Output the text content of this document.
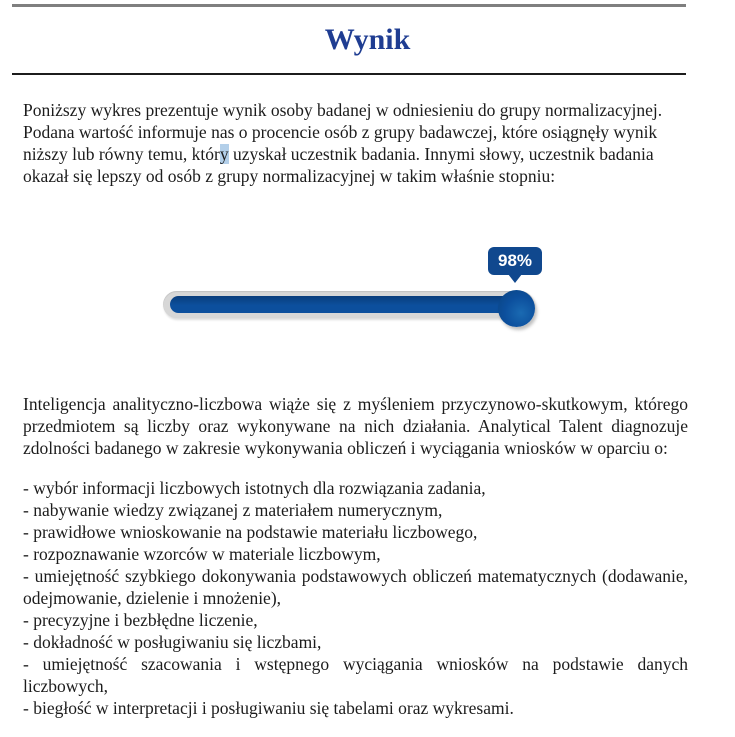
Wynik

Poniższy wykres prezentuje wynik osoby badanej w odniesieniu do grupy normalizacyjnej. Podana wartość informuje nas o procencie osób z grupy badawczej, które osiągnęły wynik niższy lub równy temu, który uzyskał uczestnik badania. Innymi słowy, uczestnik badania okazał się lepszy od osób z grupy normalizacyjnej w takim właśnie stopniu:

98%

Inteligencja analityczno-liczbowa wiąże się z myśleniem przyczynowo-skutkowym, którego przedmiotem są liczby oraz wykonywane na nich działania. Analytical Talent diagnozuje zdolności badanego w zakresie wykonywania obliczeń i wyciągania wniosków w oparciu o:

- wybór informacji liczbowych istotnych dla rozwiązania zadania,

- nabywanie wiedzy związanej z materiałem numerycznym,

- prawidłowe wnioskowanie na podstawie materiału liczbowego,

- rozpoznawanie wzorców w materiale liczbowym,

- umiejętność szybkiego dokonywania podstawowych obliczeń matematycznych (dodawanie, odejmowanie, dzielenie i mnożenie),

- precyzyjne i bezbłędne liczenie,

- dokładność w posługiwaniu się liczbami,

- umiejętność szacowania i wstępnego wyciągania wniosków na podstawie danych liczbowych,

- biegłość w interpretacji i posługiwaniu się tabelami oraz wykresami.
